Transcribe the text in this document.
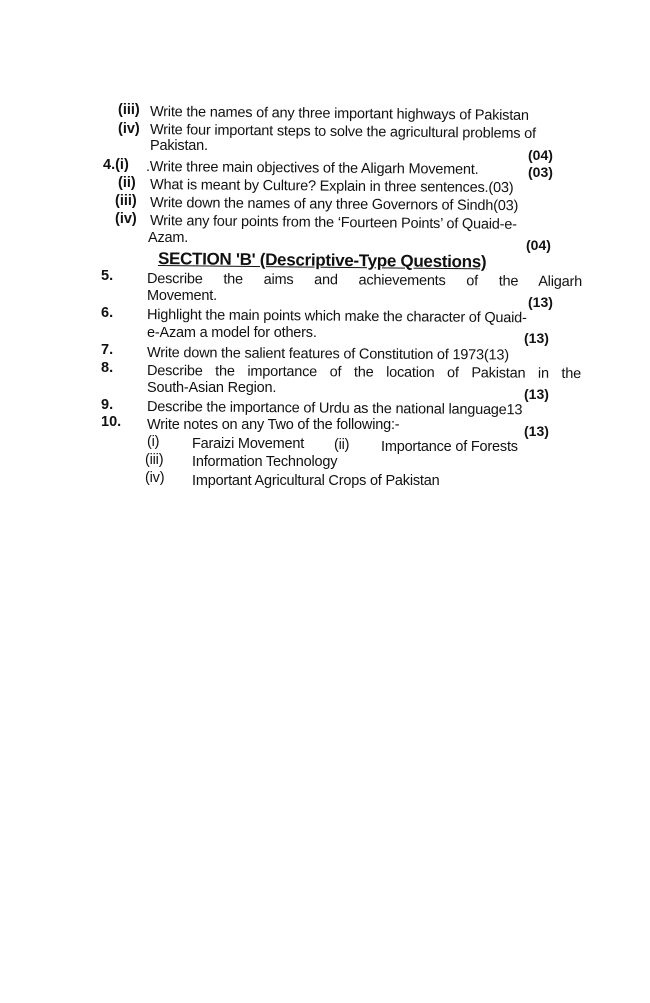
(iii) Write the names of any three important highways of Pakistan
(iv) Write four important steps to solve the agricultural problems of
Pakistan.
(04)
4.(i) .Write three main objectives of the Aligarh Movement.	(03)
(ii) What is meant by Culture? Explain in three sentences.(03)
(iii) Write down the names of any three Governors of Sindh(03)
(iv) Write any four points from the ‘Fourteen Points’ of Quaid-e-
Azam.	(04)
SECTION 'B' (Descriptive-Type Questions)
5. Describe the aims and achievements of the Aligarh
Movement.	(13)
6. Highlight the main points which make the character of Quaid-
e-Azam a model for others.	(13)
7. Write down the salient features of Constitution of 1973(13)
8. Describe the importance of the location of Pakistan in the
South-Asian Region.	(13)
9. Describe the importance of Urdu as the national language13
10. Write notes on any Two of the following:-	(13)
(i) Faraizi Movement (ii) Importance of Forests
(iii) Information Technology
(iv) Important Agricultural Crops of Pakistan
